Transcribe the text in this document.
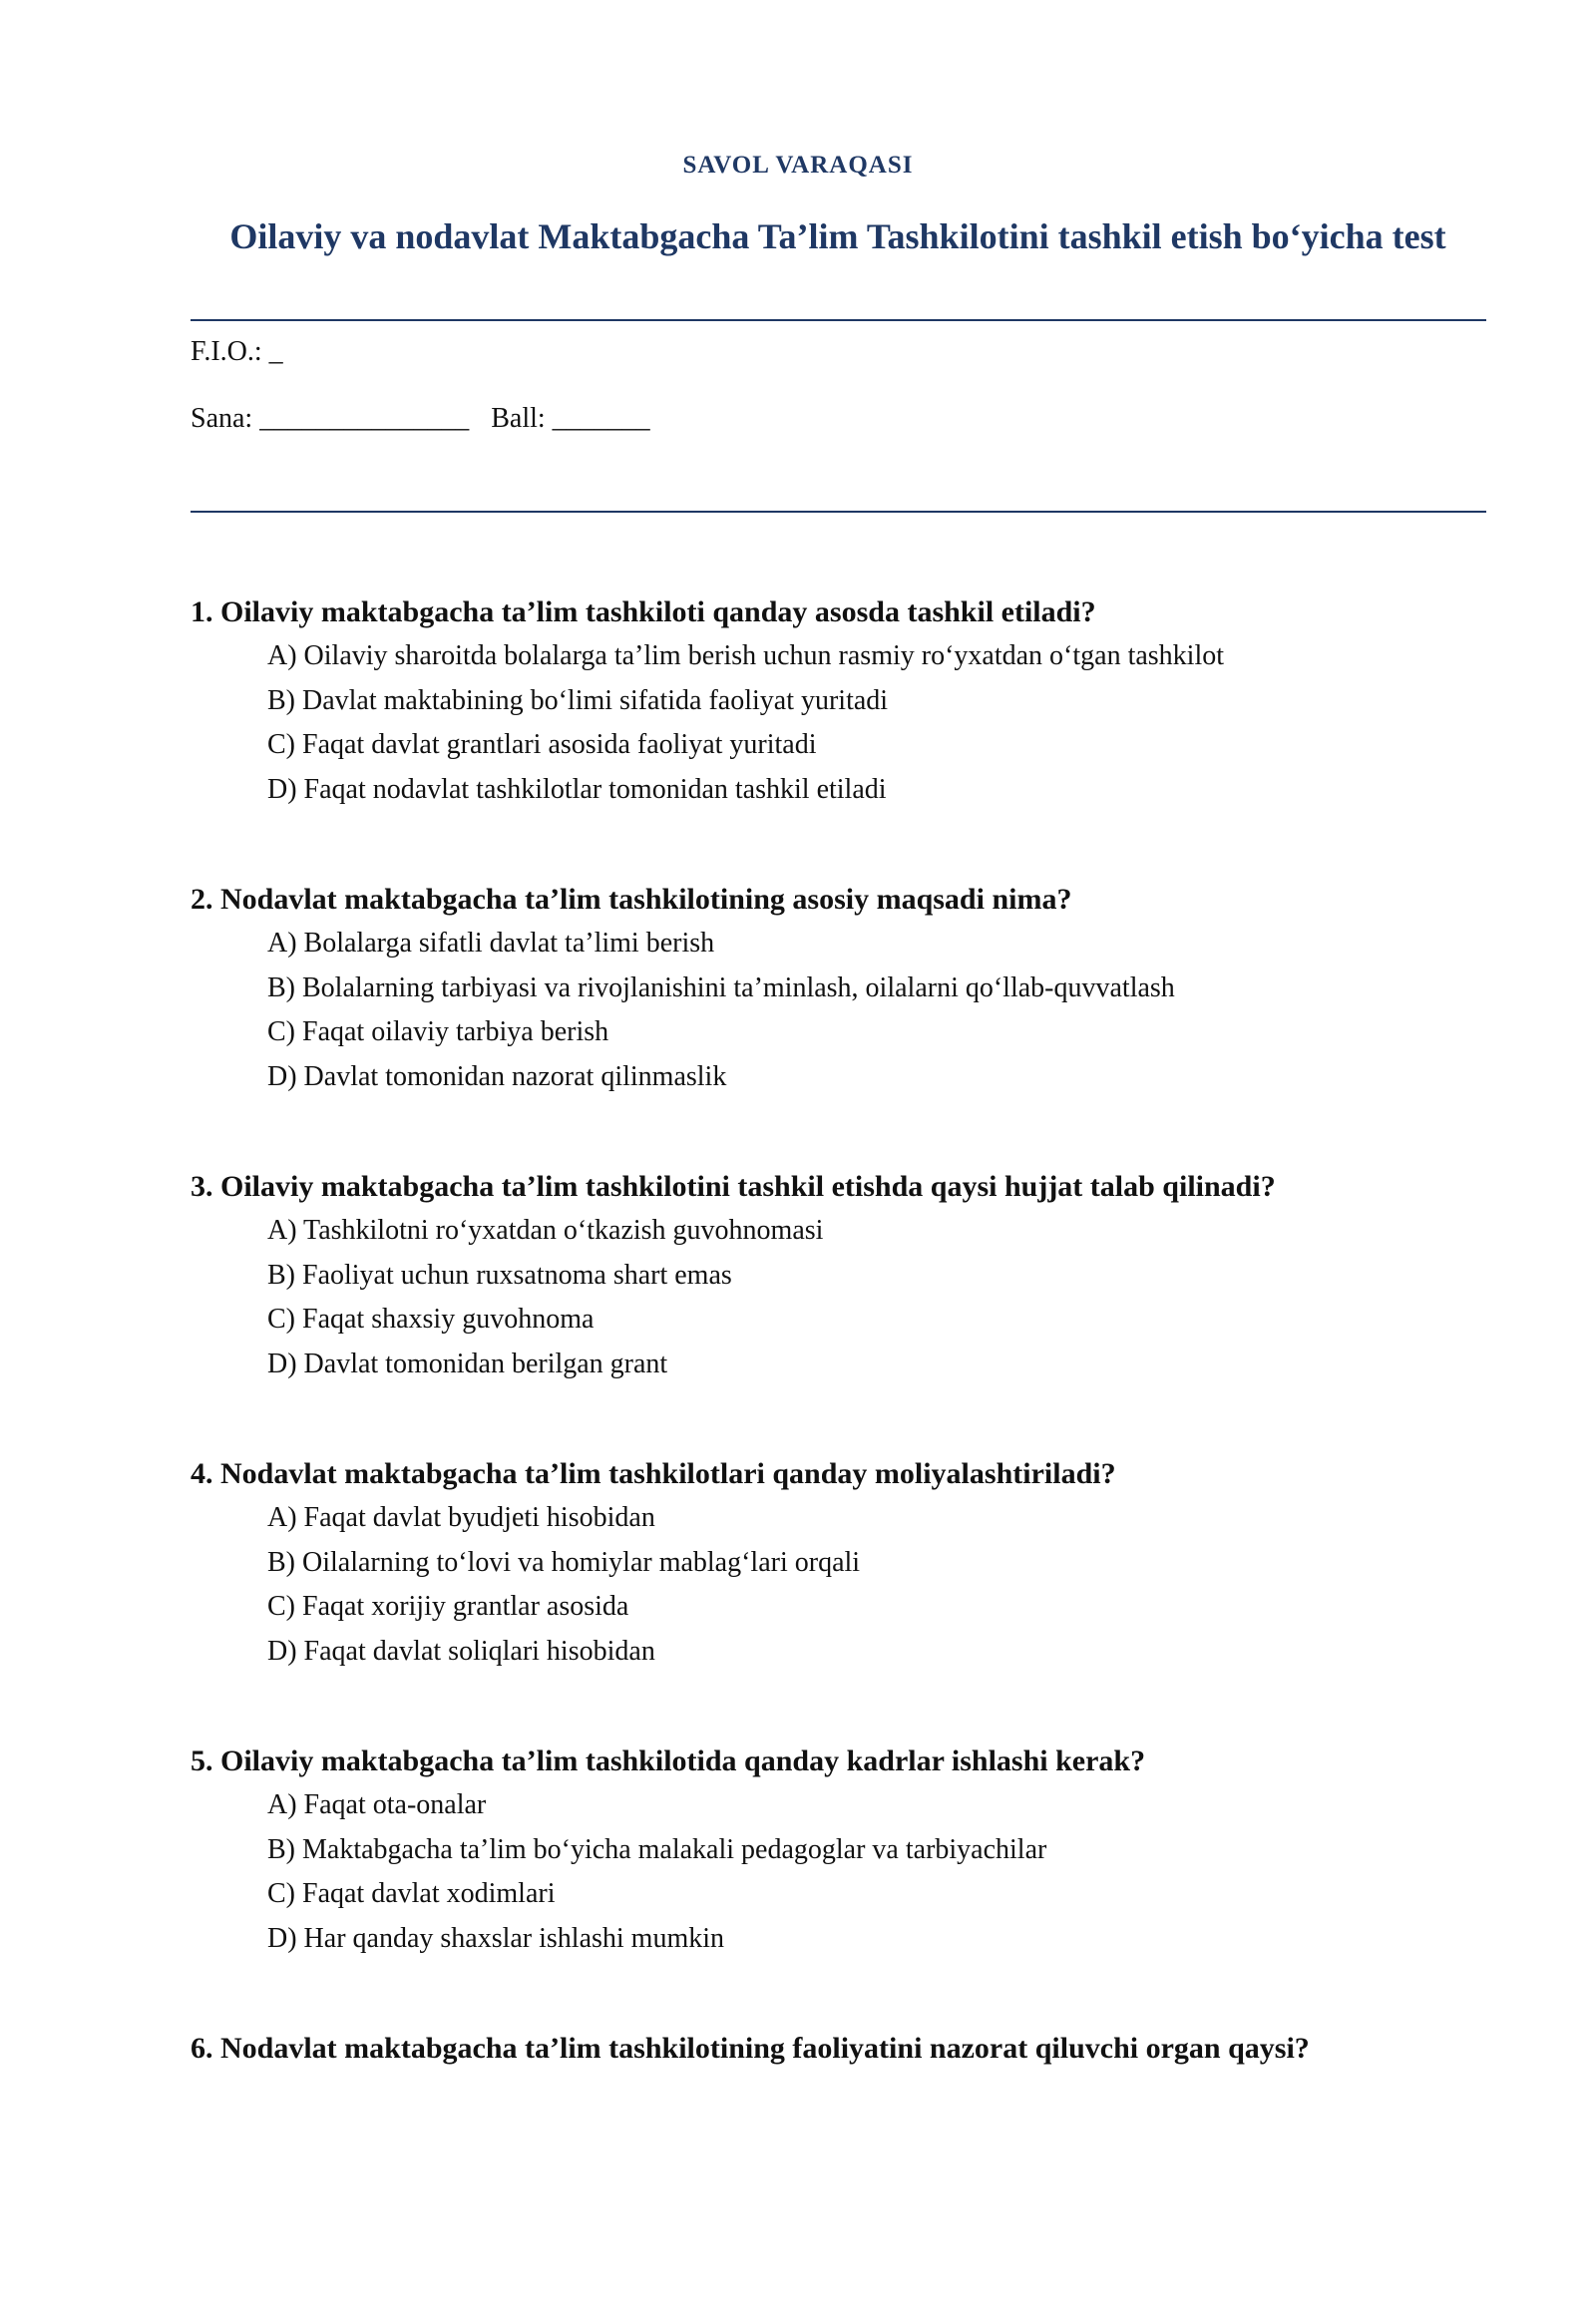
SAVOL VARAQASI
Oilaviy va nodavlat Maktabgacha Ta’lim Tashkilotini tashkil etish bo‘yicha test
F.I.O.: _
Sana: _______________ Ball: _______

1. Oilaviy maktabgacha ta’lim tashkiloti qanday asosda tashkil etiladi?

A) Oilaviy sharoitda bolalarga ta’lim berish uchun rasmiy ro‘yxatdan o‘tgan tashkilot
B) Davlat maktabining bo‘limi sifatida faoliyat yuritadi
C) Faqat davlat grantlari asosida faoliyat yuritadi
D) Faqat nodavlat tashkilotlar tomonidan tashkil etiladi

2. Nodavlat maktabgacha ta’lim tashkilotining asosiy maqsadi nima?

A) Bolalarga sifatli davlat ta’limi berish
B) Bolalarning tarbiyasi va rivojlanishini ta’minlash, oilalarni qo‘llab-quvvatlash
C) Faqat oilaviy tarbiya berish
D) Davlat tomonidan nazorat qilinmaslik

3. Oilaviy maktabgacha ta’lim tashkilotini tashkil etishda qaysi hujjat talab qilinadi?

A) Tashkilotni ro‘yxatdan o‘tkazish guvohnomasi
B) Faoliyat uchun ruxsatnoma shart emas
C) Faqat shaxsiy guvohnoma
D) Davlat tomonidan berilgan grant

4. Nodavlat maktabgacha ta’lim tashkilotlari qanday moliyalashtiriladi?

A) Faqat davlat byudjeti hisobidan
B) Oilalarning to‘lovi va homiylar mablag‘lari orqali
C) Faqat xorijiy grantlar asosida
D) Faqat davlat soliqlari hisobidan

5. Oilaviy maktabgacha ta’lim tashkilotida qanday kadrlar ishlashi kerak?

A) Faqat ota-onalar
B) Maktabgacha ta’lim bo‘yicha malakali pedagoglar va tarbiyachilar
C) Faqat davlat xodimlari
D) Har qanday shaxslar ishlashi mumkin

6. Nodavlat maktabgacha ta’lim tashkilotining faoliyatini nazorat qiluvchi organ qaysi?
